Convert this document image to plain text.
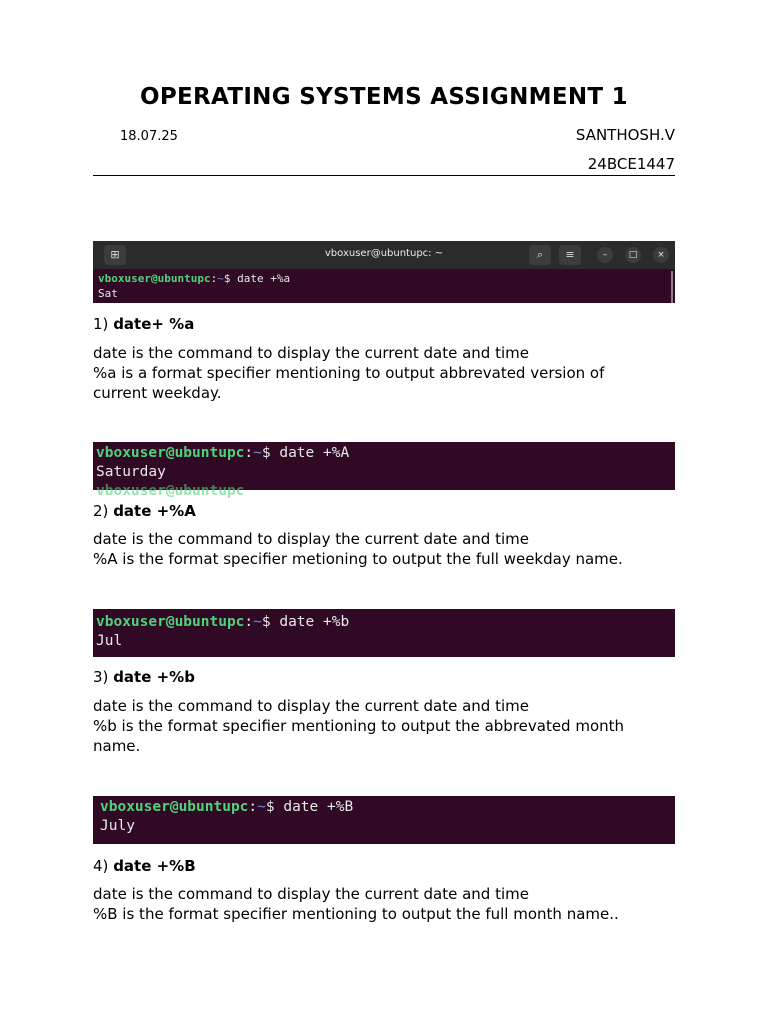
OPERATING SYSTEMS ASSIGNMENT 1
18.07.25	SANTHOSH.V
24BCE1447
⊞	vboxuser@ubuntupc: ~	⌕	≡	–	□	×
vboxuser@ubuntupc:~$ date +%a
Sat
1) date+ %a

date is the command to display the current date and time

%a is a format specifier mentioning to output abbrevated version of

current weekday.

vboxuser@ubuntupc:~$ date +%A
Saturday
vboxuser@ubuntupc
2) date +%A

date is the command to display the current date and time

%A is the format specifier metioning to output the full weekday name.

vboxuser@ubuntupc:~$ date +%b
Jul
3) date +%b

date is the command to display the current date and time

%b is the format specifier mentioning to output the abbrevated month

name.

vboxuser@ubuntupc:~$ date +%B
July
4) date +%B

date is the command to display the current date and time

%B is the format specifier mentioning to output the full month name..
